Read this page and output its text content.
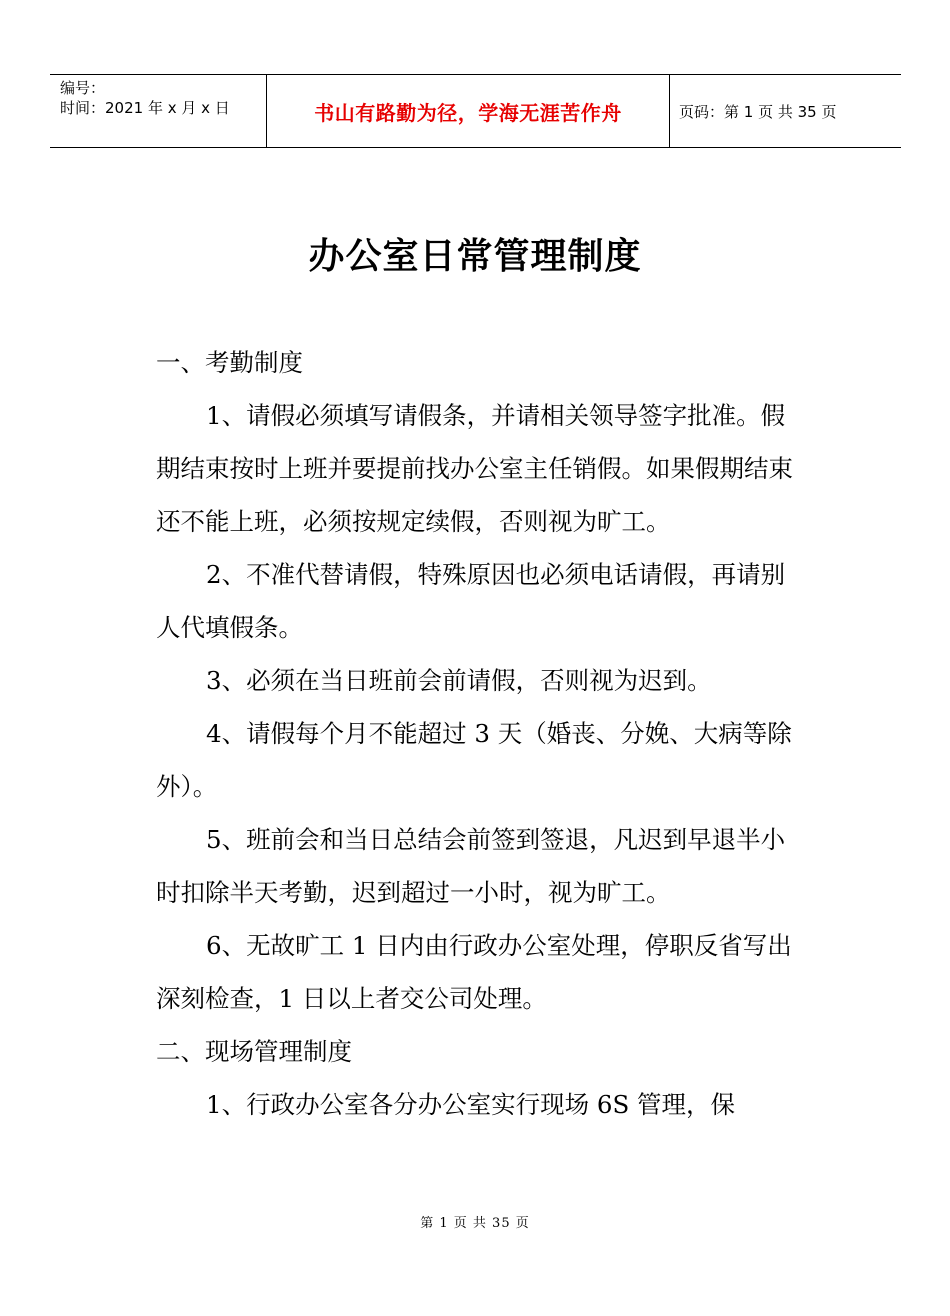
编号：
时间：2021 年 x 月 x 日	书山有路勤为径，学海无涯苦作舟	页码：第 1 页 共 35 页
办公室日常管理制度

一、考勤制度

1、请假必须填写请假条，并请相关领导签字批准。假期结束按时上班并要提前找办公室主任销假。如果假期结束还不能上班，必须按规定续假，否则视为旷工。

2、不准代替请假，特殊原因也必须电话请假，再请别人代填假条。

3、必须在当日班前会前请假，否则视为迟到。

4、请假每个月不能超过 3 天（婚丧、分娩、大病等除外）。

5、班前会和当日总结会前签到签退，凡迟到早退半小时扣除半天考勤，迟到超过一小时，视为旷工。

6、无故旷工 1 日内由行政办公室处理，停职反省写出深刻检查，1 日以上者交公司处理。

二、现场管理制度

1、行政办公室各分办公室实行现场 6S 管理，保

第 1 页 共 35 页
